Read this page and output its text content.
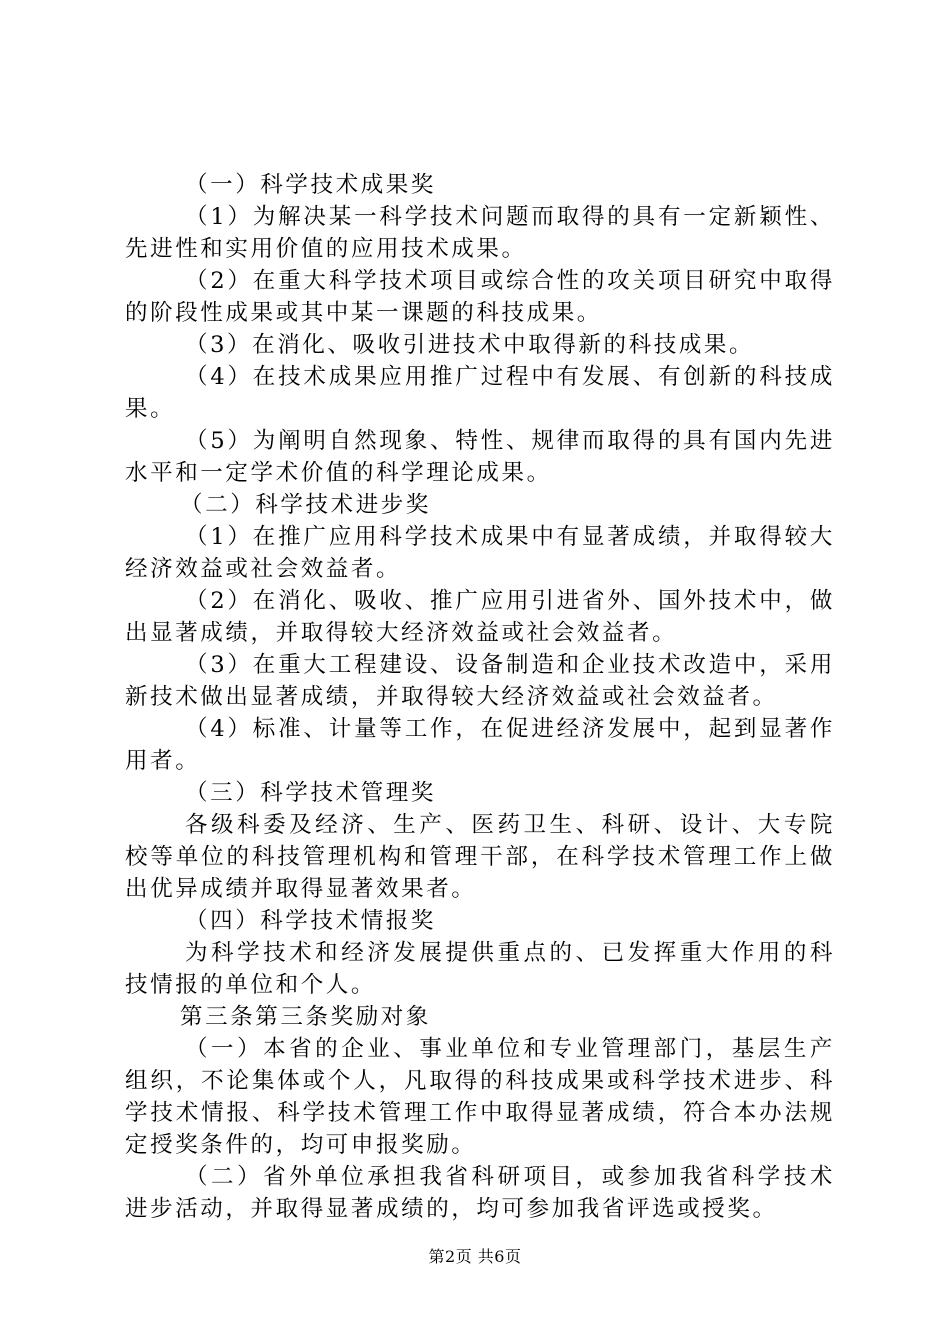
（一）科学技术成果奖

（1）为解决某一科学技术问题而取得的具有一定新颖性、先进性和实用价值的应用技术成果。

（2）在重大科学技术项目或综合性的攻关项目研究中取得的阶段性成果或其中某一课题的科技成果。

（3）在消化、吸收引进技术中取得新的科技成果。

（4）在技术成果应用推广过程中有发展、有创新的科技成果。

（5）为阐明自然现象、特性、规律而取得的具有国内先进水平和一定学术价值的科学理论成果。

（二）科学技术进步奖

（1）在推广应用科学技术成果中有显著成绩，并取得较大经济效益或社会效益者。

（2）在消化、吸收、推广应用引进省外、国外技术中，做出显著成绩，并取得较大经济效益或社会效益者。

（3）在重大工程建设、设备制造和企业技术改造中，采用新技术做出显著成绩，并取得较大经济效益或社会效益者。

（4）标准、计量等工作，在促进经济发展中，起到显著作用者。

（三）科学技术管理奖

各级科委及经济、生产、医药卫生、科研、设计、大专院校等单位的科技管理机构和管理干部，在科学技术管理工作上做出优异成绩并取得显著效果者。

（四）科学技术情报奖

为科学技术和经济发展提供重点的、已发挥重大作用的科技情报的单位和个人。

第三条第三条奖励对象

（一）本省的企业、事业单位和专业管理部门，基层生产组织，不论集体或个人，凡取得的科技成果或科学技术进步、科学技术情报、科学技术管理工作中取得显著成绩，符合本办法规定授奖条件的，均可申报奖励。

（二）省外单位承担我省科研项目，或参加我省科学技术进步活动，并取得显著成绩的，均可参加我省评选或授奖。

第2页 共6页
